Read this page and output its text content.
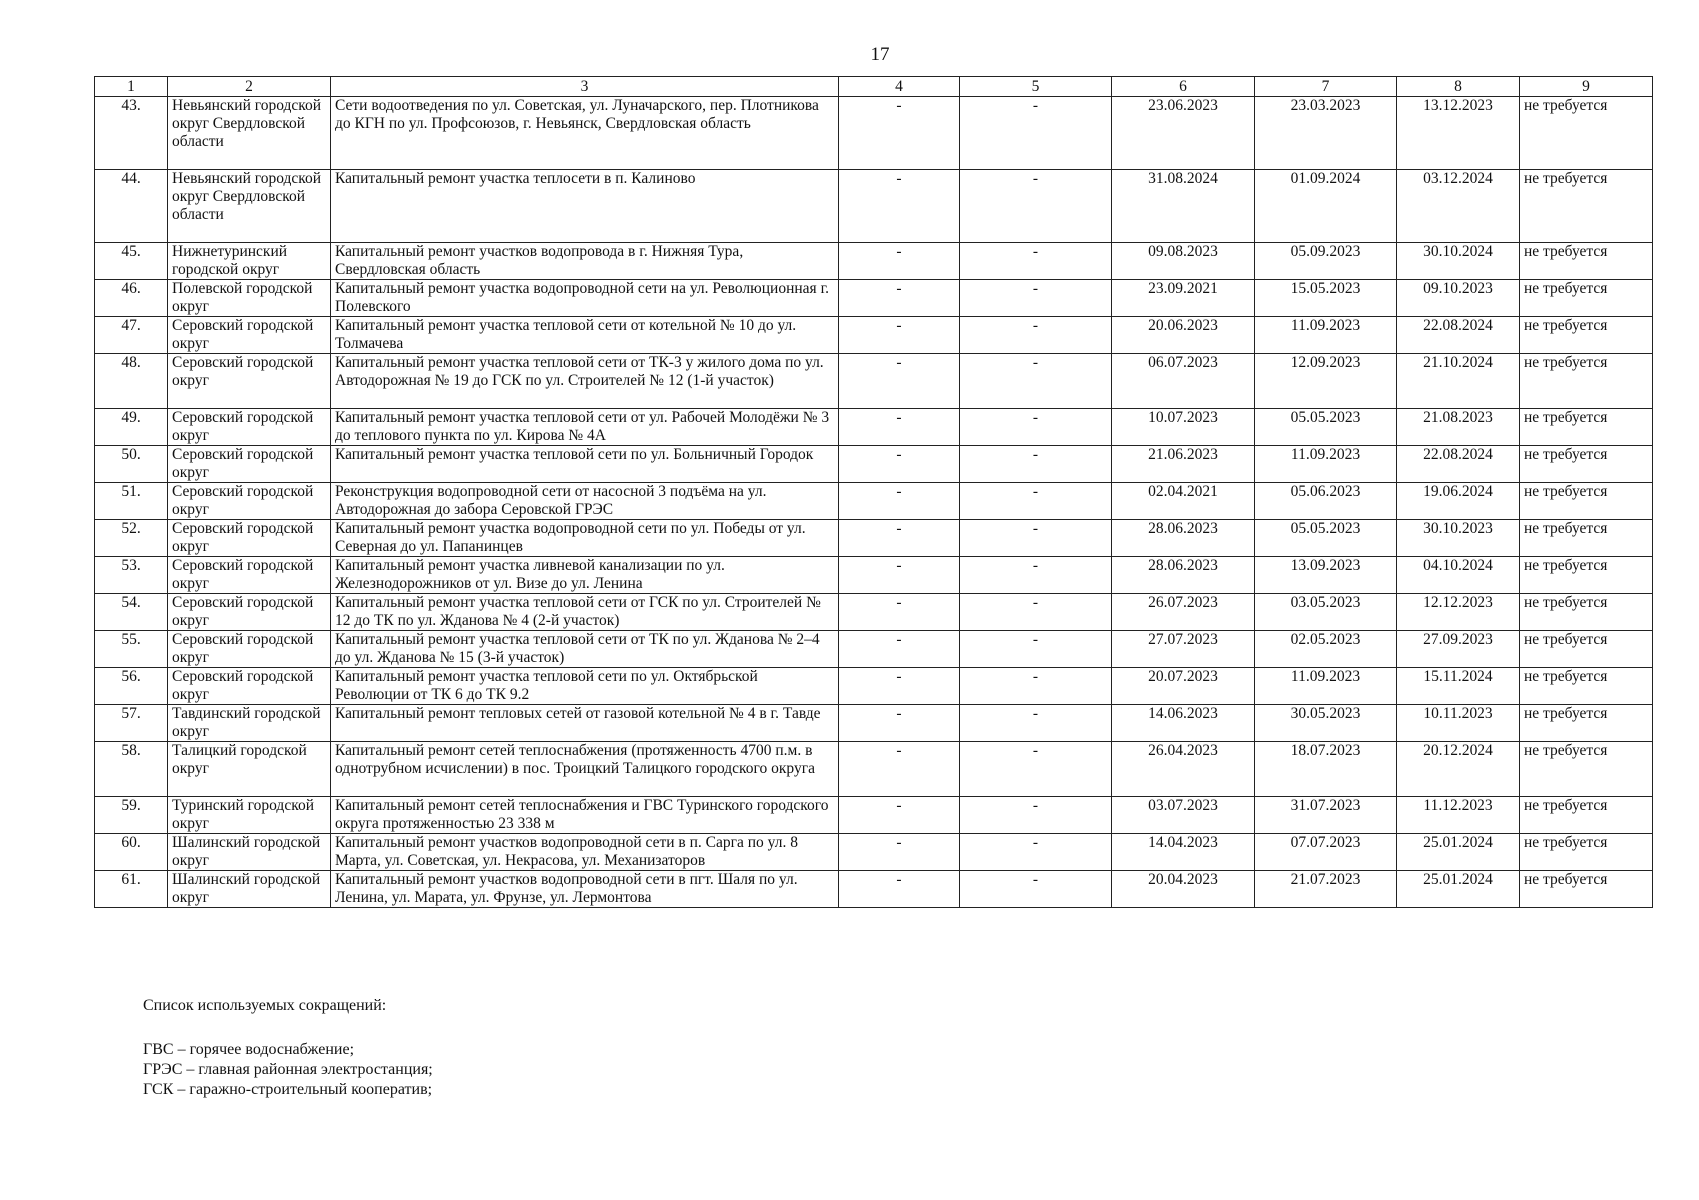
17
1	2	3	4	5	6	7	8	9
43.	Невьянский городской округ Свердловской области	Сети водоотведения по ул. Советская, ул. Луначарского, пер. Плотникова до КГН по ул. Профсоюзов, г. Невьянск, Свердловская область	-	-	23.06.2023	23.03.2023	13.12.2023	не требуется
44.	Невьянский городской округ Свердловской области	Капитальный ремонт участка теплосети в п. Калиново	-	-	31.08.2024	01.09.2024	03.12.2024	не требуется
45.	Нижнетуринский городской округ	Капитальный ремонт участков водопровода в г. Нижняя Тура, Свердловская область	-	-	09.08.2023	05.09.2023	30.10.2024	не требуется
46.	Полевской городской округ	Капитальный ремонт участка водопроводной сети на ул. Революционная г. Полевского	-	-	23.09.2021	15.05.2023	09.10.2023	не требуется
47.	Серовский городской округ	Капитальный ремонт участка тепловой сети от котельной № 10 до ул. Толмачева	-	-	20.06.2023	11.09.2023	22.08.2024	не требуется
48.	Серовский городской округ	Капитальный ремонт участка тепловой сети от ТК-3 у жилого дома по ул. Автодорожная № 19 до ГСК по ул. Строителей № 12 (1-й участок)	-	-	06.07.2023	12.09.2023	21.10.2024	не требуется
49.	Серовский городской округ	Капитальный ремонт участка тепловой сети от ул. Рабочей Молодёжи № 3 до теплового пункта по ул. Кирова № 4А	-	-	10.07.2023	05.05.2023	21.08.2023	не требуется
50.	Серовский городской округ	Капитальный ремонт участка тепловой сети по ул. Больничный Городок	-	-	21.06.2023	11.09.2023	22.08.2024	не требуется
51.	Серовский городской округ	Реконструкция водопроводной сети от насосной 3 подъёма на ул. Автодорожная до забора Серовской ГРЭС	-	-	02.04.2021	05.06.2023	19.06.2024	не требуется
52.	Серовский городской округ	Капитальный ремонт участка водопроводной сети по ул. Победы от ул. Северная до ул. Папанинцев	-	-	28.06.2023	05.05.2023	30.10.2023	не требуется
53.	Серовский городской округ	Капитальный ремонт участка ливневой канализации по ул. Железнодорожников от ул. Визе до ул. Ленина	-	-	28.06.2023	13.09.2023	04.10.2024	не требуется
54.	Серовский городской округ	Капитальный ремонт участка тепловой сети от ГСК по ул. Строителей № 12 до ТК по ул. Жданова № 4 (2-й участок)	-	-	26.07.2023	03.05.2023	12.12.2023	не требуется
55.	Серовский городской округ	Капитальный ремонт участка тепловой сети от ТК по ул. Жданова № 2–4 до ул. Жданова № 15 (3-й участок)	-	-	27.07.2023	02.05.2023	27.09.2023	не требуется
56.	Серовский городской округ	Капитальный ремонт участка тепловой сети по ул. Октябрьской Революции от ТК 6 до ТК 9.2	-	-	20.07.2023	11.09.2023	15.11.2024	не требуется
57.	Тавдинский городской округ	Капитальный ремонт тепловых сетей от газовой котельной № 4 в г. Тавде	-	-	14.06.2023	30.05.2023	10.11.2023	не требуется
58.	Талицкий городской округ	Капитальный ремонт сетей теплоснабжения (протяженность 4700 п.м. в однотрубном исчислении) в пос. Троицкий Талицкого городского округа	-	-	26.04.2023	18.07.2023	20.12.2024	не требуется
59.	Туринский городской округ	Капитальный ремонт сетей теплоснабжения и ГВС Туринского городского округа протяженностью 23 338 м	-	-	03.07.2023	31.07.2023	11.12.2023	не требуется
60.	Шалинский городской округ	Капитальный ремонт участков водопроводной сети в п. Сарга по ул. 8 Марта, ул. Советская, ул. Некрасова, ул. Механизаторов	-	-	14.04.2023	07.07.2023	25.01.2024	не требуется
61.	Шалинский городской округ	Капитальный ремонт участков водопроводной сети в пгт. Шаля по ул. Ленина, ул. Марата, ул. Фрунзе, ул. Лермонтова	-	-	20.04.2023	21.07.2023	25.01.2024	не требуется
Список используемых сокращений:
ГВС – горячее водоснабжение;
ГРЭС – главная районная электростанция;
ГСК – гаражно-строительный кооператив;
